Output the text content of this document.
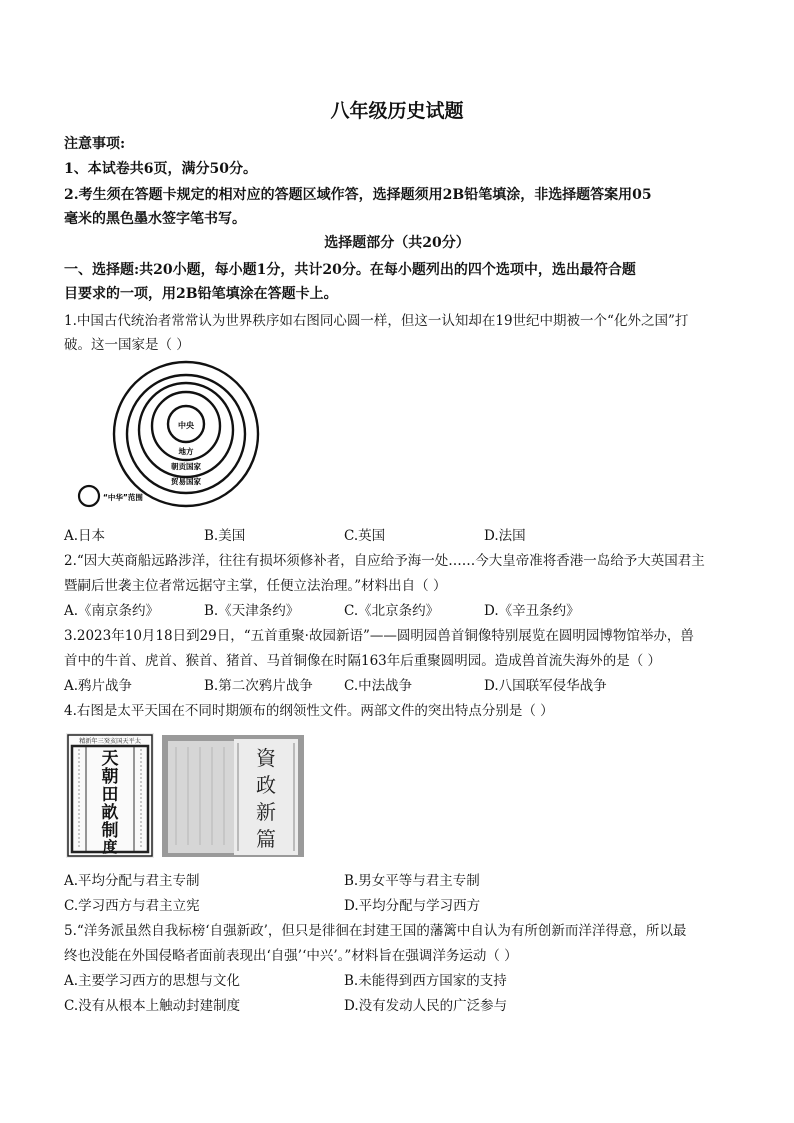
八年级历史试题
注意事项:
1、本试卷共6页，满分50分。
2.考生须在答题卡规定的相对应的答题区域作答，选择题须用2B铅笔填涂，非选择题答案用05
毫米的黑色墨水签字笔书写。
选择题部分（共20分）
一、选择题:共20小题，每小题1分，共计20分。在每小题列出的四个选项中，选出最符合题
目要求的一项，用2B铅笔填涂在答题卡上。
1.中国古代统治者常常认为世界秩序如右图同心圆一样，但这一认知却在19世纪中期被一个“化外之国”打
破。这一国家是（ ）
中央
地方
朝贡国家
贸易国家
“中华”范围
A.日本	B.美国	C.英国	D.法国
2.“因大英商船远路涉洋，往往有损坏须修补者，自应给予海一处……今大皇帝准将香港一岛给予大英国君主
暨嗣后世袭主位者常远据守主掌，任便立法治理。”材料出自（ ）
A.《南京条约》	B.《天津条约》	C.《北京条约》	D.《辛丑条约》
3.2023年10月18日到29日，“五首重聚·故园新语”——圆明园兽首铜像特别展览在圆明园博物馆举办，兽
首中的牛首、虎首、猴首、猪首、马首铜像在时隔163年后重聚圆明园。造成兽首流失海外的是（ ）
A.鸦片战争	B.第二次鸦片战争 C.中法战争	D.八国联军侵华战争
4.右图是太平天国在不同时期颁布的纲领性文件。两部文件的突出特点分别是（ ）
精新年三癸亥国天平太
天
朝
田
畝
制
度
資
政
新
篇
A.平均分配与君主专制	B.男女平等与君主专制
C.学习西方与君主立宪	D.平均分配与学习西方
5.“洋务派虽然自我标榜‘自强新政’，但只是徘徊在封建王国的藩篱中自认为有所创新而洋洋得意，所以最
终也没能在外国侵略者面前表现出‘自强’‘中兴’。”材料旨在强调洋务运动（ ）
A.主要学习西方的思想与文化	B.未能得到西方国家的支持
C.没有从根本上触动封建制度	D.没有发动人民的广泛参与
